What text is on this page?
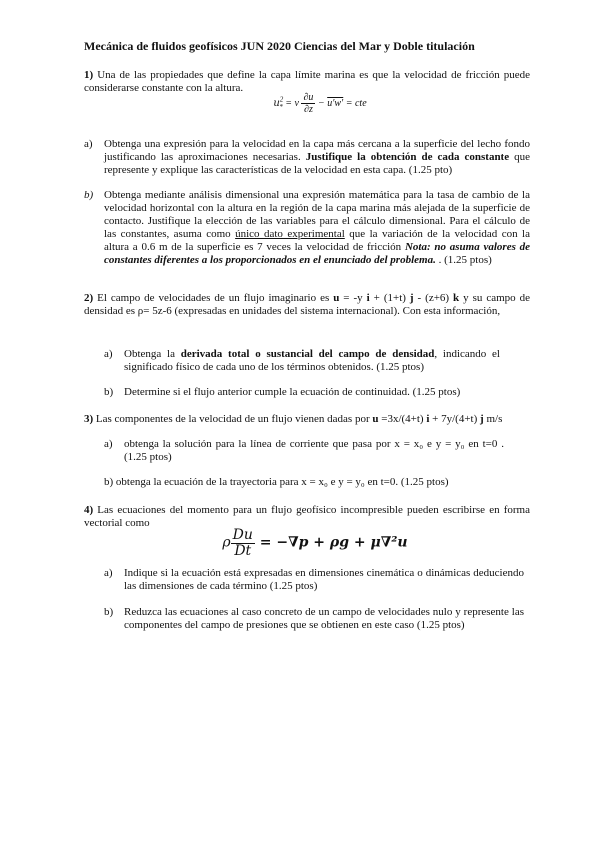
Mecánica de fluidos geofísicos JUN 2020 Ciencias del Mar y Doble titulación
1) Una de las propiedades que define la capa límite marina es que la velocidad de fricción puede considerarse constante con la altura.
$u^2_* = \nu \frac{\partial u}{\partial z} - u'w'$ = cte
a)	Obtenga una expresión para la velocidad en la capa más cercana a la superficie del lecho fondo justificando las aproximaciones necesarias. Justifique la obtención de cada constante que represente y explique las características de la velocidad en esta capa. (1.25 pto)
b) Obtenga mediante análisis dimensional una expresión matemática para la tasa de cambio de la velocidad horizontal con la altura en la región de la capa marina más alejada de la superficie de contacto. Justifique la elección de las variables para el cálculo dimensional. Para el cálculo de las constantes, asuma como único dato experimental que la variación de la velocidad con la altura a 0.6 m de la superficie es 7 veces la velocidad de fricción Nota: no asuma valores de constantes diferentes a los proporcionados en el enunciado del problema. . (1.25 ptos)
2) El campo de velocidades de un flujo imaginario es u = -y i + (1+t) j - (z+6) k y su campo de densidad es ρ= 5z-6 (expresadas en unidades del sistema internacional). Con esta información,
a)	Obtenga la derivada total o sustancial del campo de densidad, indicando el significado físico de cada uno de los términos obtenidos. (1.25 ptos)
b) Determine si el flujo anterior cumple la ecuación de continuidad. (1.25 ptos)
3) Las componentes de la velocidad de un flujo vienen dadas por u =3x/(4+t) i + 7y/(4+t) j m/s
a)	obtenga la solución para la línea de corriente que pasa por x = x₀ e y = y₀ en t=0 . (1.25 ptos)
b) obtenga la ecuación de la trayectoria para x = x₀ e y = y₀ en t=0. (1.25 ptos)
4) Las ecuaciones del momento para un flujo geofísico incompresible pueden escribirse en forma vectorial como
ρ $\frac{Du}{Dt} = -\nabla p + \rho g + \mu\nabla^2u$
a)	Indique si la ecuación está expresadas en dimensiones cinemática o dinámicas deduciendo las dimensiones de cada término (1.25 ptos)
b) Reduzca las ecuaciones al caso concreto de un campo de velocidades nulo y represente las componentes del campo de presiones que se obtienen en este caso (1.25 ptos)
